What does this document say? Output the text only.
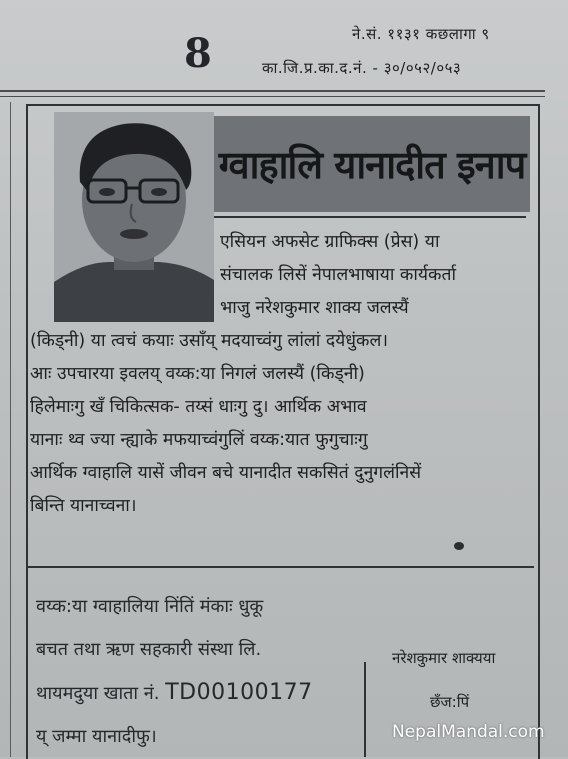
8	ने.सं. ११३१ कछलागा ९
का.जि.प्र.का.द.नं. - ३०/०५२/०५३
ग्वाहालि यानादीत इनाप
एसियन अफसेट ग्राफिक्स (प्रेस) या
संचालक लिसें नेपालभाषाया कार्यकर्ता
भाजु नरेशकुमार शाक्य जलस्यैं
(किड्नी) या त्वचं कयाः उसाँय् मदयाच्वंगु लांलां दयेधुंकल।
आः उपचारया इवलय् वय्क:या निगलं जलस्यैं (किड्नी)
हिलेमाःगु खँ चिकित्सक- तय्सं धाःगु दु। आर्थिक अभाव
यानाः थ्व ज्या न्ह्याके मफयाच्वंगुलिं वय्क:यात फुगुचाःगु
आर्थिक ग्वाहालि यासें जीवन बचे यानादीत सकसितं दुनुगलंनिसें
बिन्ति यानाच्वना।
वय्क:या ग्वाहालिया निंतिं मंकाः धुकू
बचत तथा ऋण सहकारी संस्था लि.
थायमदुया खाता नं. TD00100177
य् जम्मा यानादीफु।
नरेशकुमार शाक्यया
छँज:पिं
NepalMandal.com
